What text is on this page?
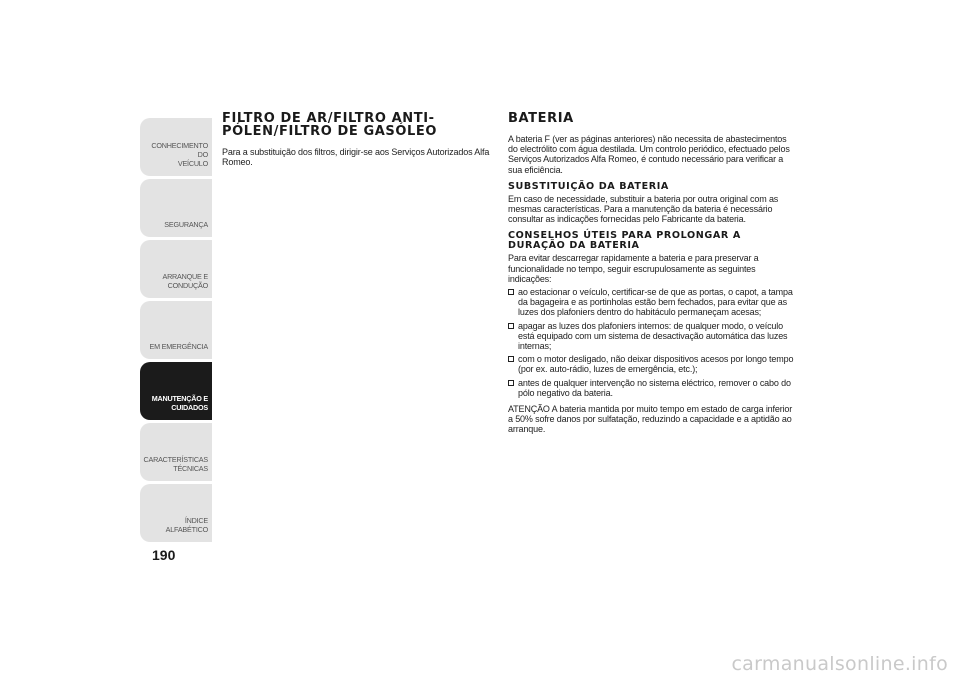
CONHECIMENTO DO
VEÍCULO
SEGURANÇA
ARRANQUE E
CONDUÇÃO
EM EMERGÊNCIA
MANUTENÇÃO E
CUIDADOS
CARACTERÍSTICAS
TÉCNICAS
ÍNDICE ALFABÉTICO
190
FILTRO DE AR/FILTRO ANTI-PÓLEN/FILTRO DE GASÓLEO

Para a substituição dos filtros, dirigir-se aos Serviços Autorizados Alfa Romeo.

BATERIA

A bateria F (ver as páginas anteriores) não necessita de abastecimentos do electrólito com água destilada. Um controlo periódico, efectuado pelos Serviços Autorizados Alfa Romeo, é contudo necessário para verificar a sua eficiência.

SUBSTITUIÇÃO DA BATERIA

Em caso de necessidade, substituir a bateria por outra original com as mesmas características. Para a manutenção da bateria é necessário consultar as indicações fornecidas pelo Fabricante da bateria.

CONSELHOS ÚTEIS PARA PROLONGAR A DURAÇÃO DA BATERIA

Para evitar descarregar rapidamente a bateria e para preservar a funcionalidade no tempo, seguir escrupulosamente as seguintes indicações:

ao estacionar o veículo, certificar-se de que as portas, o capot, a tampa da bagageira e as portinholas estão bem fechados, para evitar que as luzes dos plafoniers dentro do habitáculo permaneçam acesas;
apagar as luzes dos plafoniers internos: de qualquer modo, o veículo está equipado com um sistema de desactivação automática das luzes internas;
com o motor desligado, não deixar dispositivos acesos por longo tempo (por ex. auto-rádio, luzes de emergência, etc.);
antes de qualquer intervenção no sistema eléctrico, remover o cabo do pólo negativo da bateria.

ATENÇÃO A bateria mantida por muito tempo em estado de carga inferior a 50% sofre danos por sulfatação, reduzindo a capacidade e a aptidão ao arranque.

carmanualsonline.info
